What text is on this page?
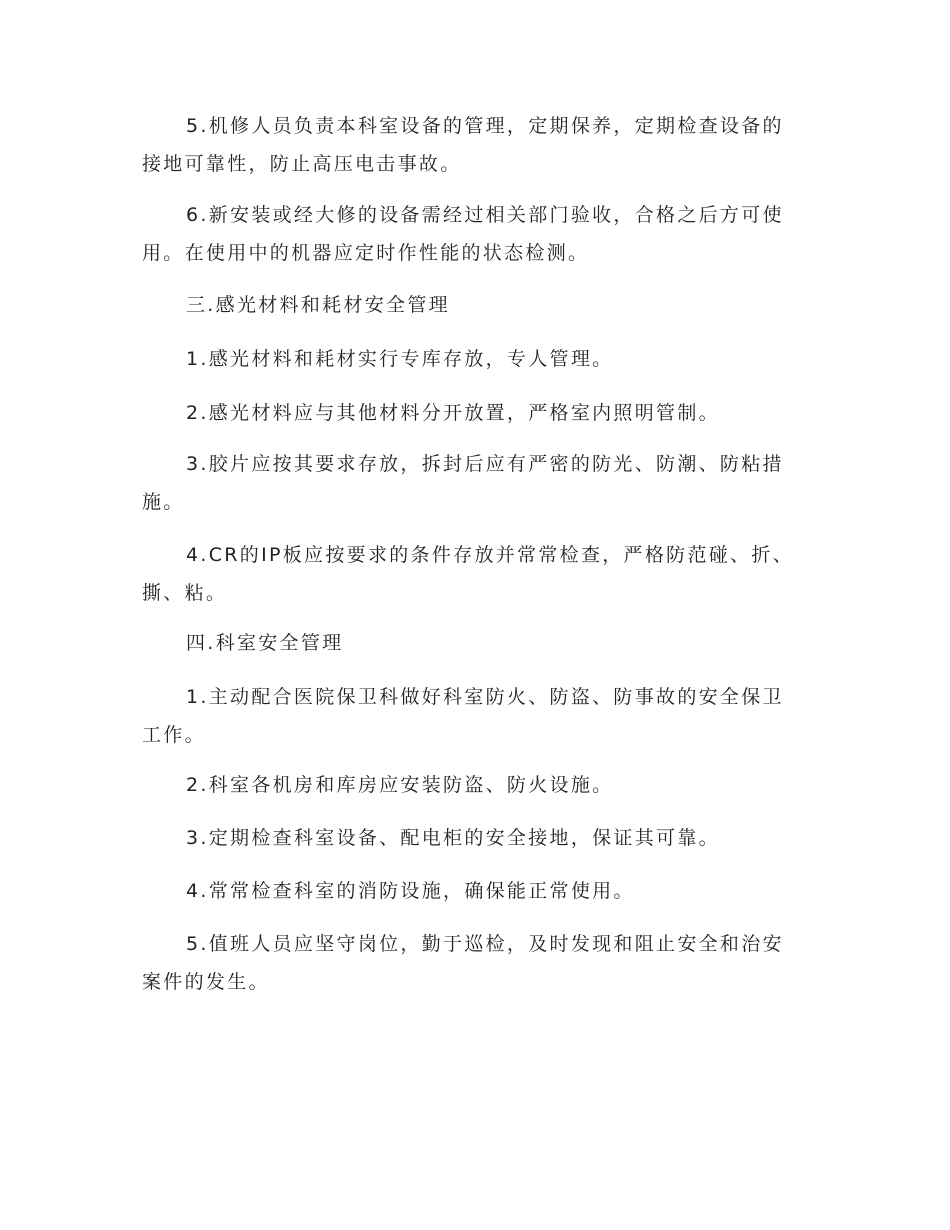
5.机修人员负责本科室设备的管理，定期保养，定期检查设备的接地可靠性，防止高压电击事故。

6.新安装或经大修的设备需经过相关部门验收，合格之后方可使用。在使用中的机器应定时作性能的状态检测。

三.感光材料和耗材安全管理

1.感光材料和耗材实行专库存放，专人管理。

2.感光材料应与其他材料分开放置，严格室内照明管制。

3.胶片应按其要求存放，拆封后应有严密的防光、防潮、防粘措施。

4.CR的IP板应按要求的条件存放并常常检查，严格防范碰、折、撕、粘。

四.科室安全管理

1.主动配合医院保卫科做好科室防火、防盗、防事故的安全保卫工作。

2.科室各机房和库房应安装防盗、防火设施。

3.定期检查科室设备、配电柜的安全接地，保证其可靠。

4.常常检查科室的消防设施，确保能正常使用。

5.值班人员应坚守岗位，勤于巡检，及时发现和阻止安全和治安案件的发生。
